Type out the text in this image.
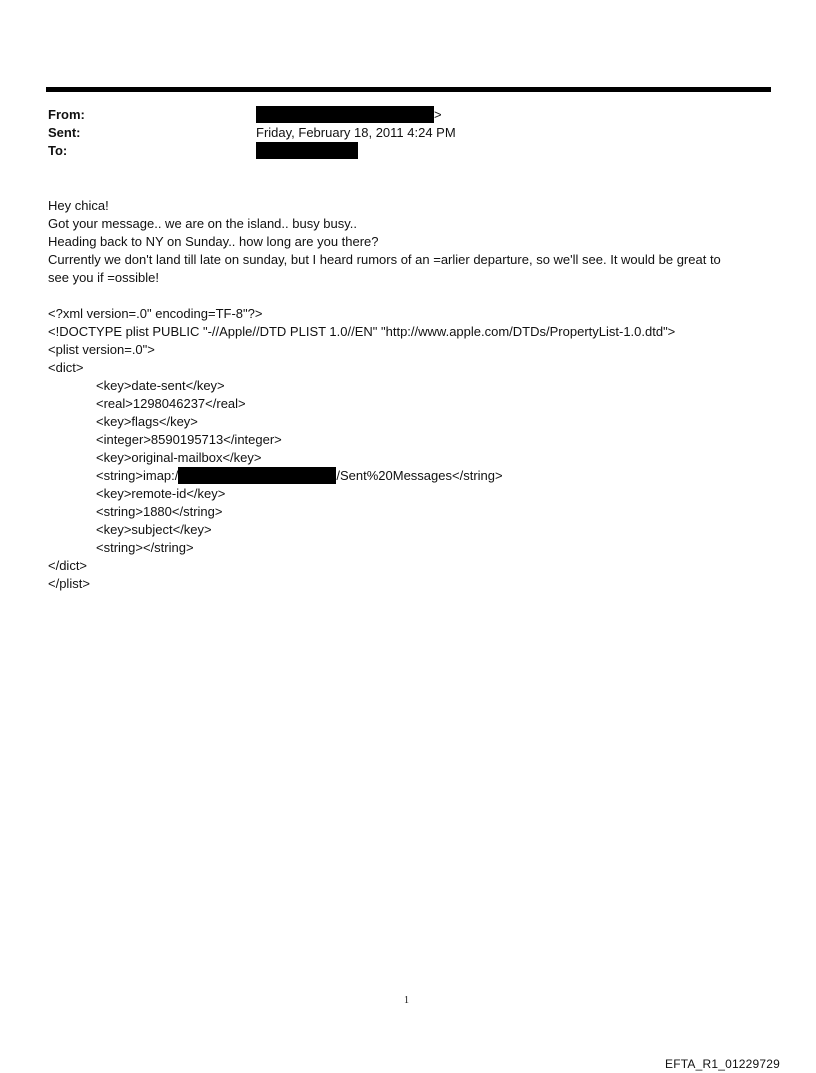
From:	>
Sent:	Friday, February 18, 2011 4:24 PM
To:
Hey chica!
Got your message.. we are on the island.. busy busy..
Heading back to NY on Sunday.. how long are you there?
Currently we don't land till late on sunday, but I heard rumors of an =arlier departure, so we'll see. It would be great to
see you if =ossible!
<?xml version=.0" encoding=TF-8"?>
<!DOCTYPE plist PUBLIC "-//Apple//DTD PLIST 1.0//EN" "http://www.apple.com/DTDs/PropertyList-1.0.dtd">
<plist version=.0">
<dict>
<key>date-sent</key>
<real>1298046237</real>
<key>flags</key>
<integer>8590195713</integer>
<key>original-mailbox</key>
<string>imap:/	/Sent%20Messages</string>
<key>remote-id</key>
<string>1880</string>
<key>subject</key>
<string></string>
</dict>
</plist>
1
EFTA_R1_01229729
